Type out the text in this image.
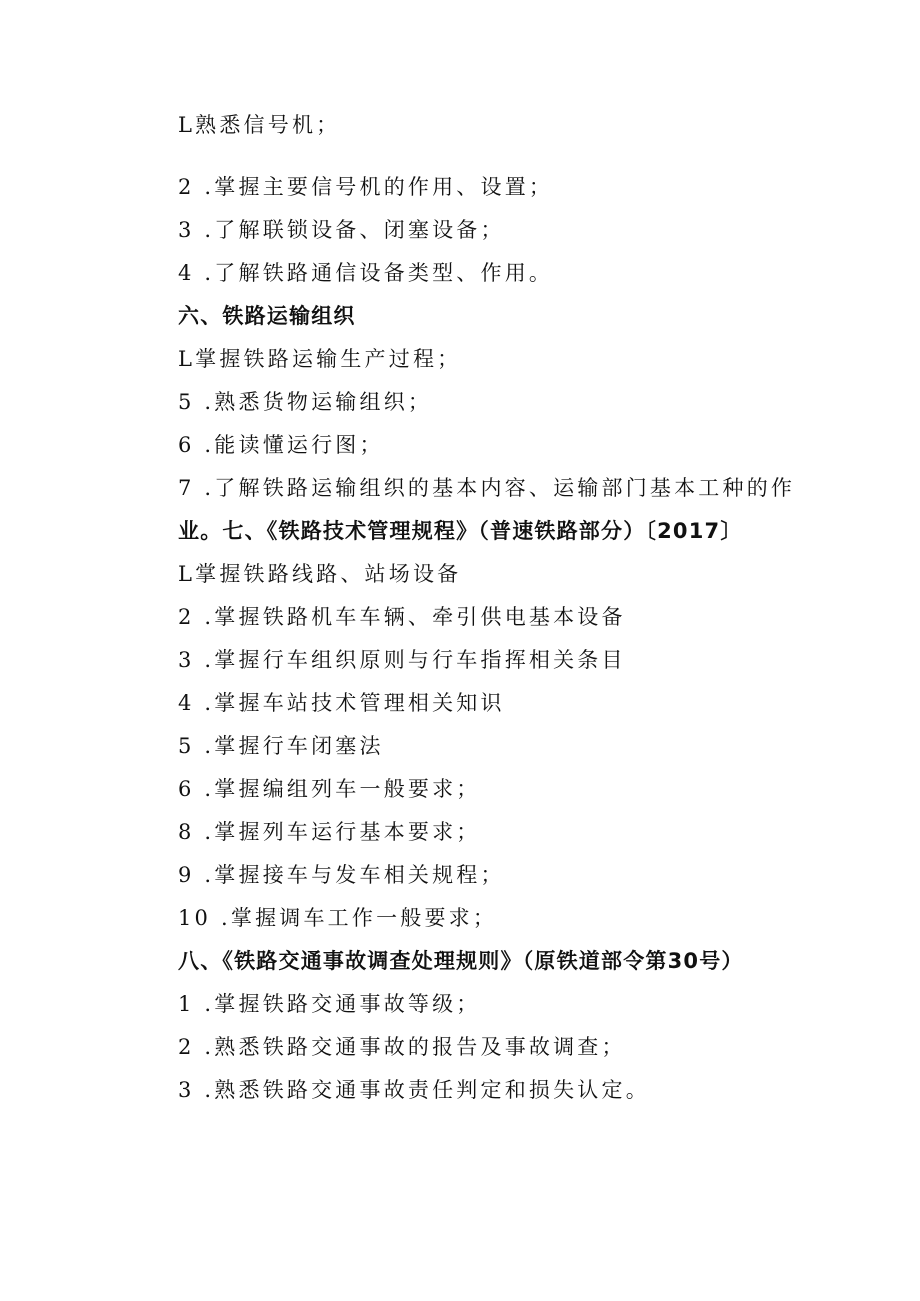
L熟悉信号机；
2 .掌握主要信号机的作用、设置；
3 .了解联锁设备、闭塞设备；
4 .了解铁路通信设备类型、作用。
六、铁路运输组织
L掌握铁路运输生产过程；
5 .熟悉货物运输组织；
6 .能读懂运行图；
7 .了解铁路运输组织的基本内容、运输部门基本工种的作
业。七、《铁路技术管理规程》（普速铁路部分）〔2017〕
L掌握铁路线路、站场设备
2 .掌握铁路机车车辆、牵引供电基本设备
3 .掌握行车组织原则与行车指挥相关条目
4 .掌握车站技术管理相关知识
5 .掌握行车闭塞法
6 .掌握编组列车一般要求；
8 .掌握列车运行基本要求；
9 .掌握接车与发车相关规程；
10 .掌握调车工作一般要求；
八、《铁路交通事故调查处理规则》（原铁道部令第30号）
1 .掌握铁路交通事故等级；
2 .熟悉铁路交通事故的报告及事故调查；
3 .熟悉铁路交通事故责任判定和损失认定。
